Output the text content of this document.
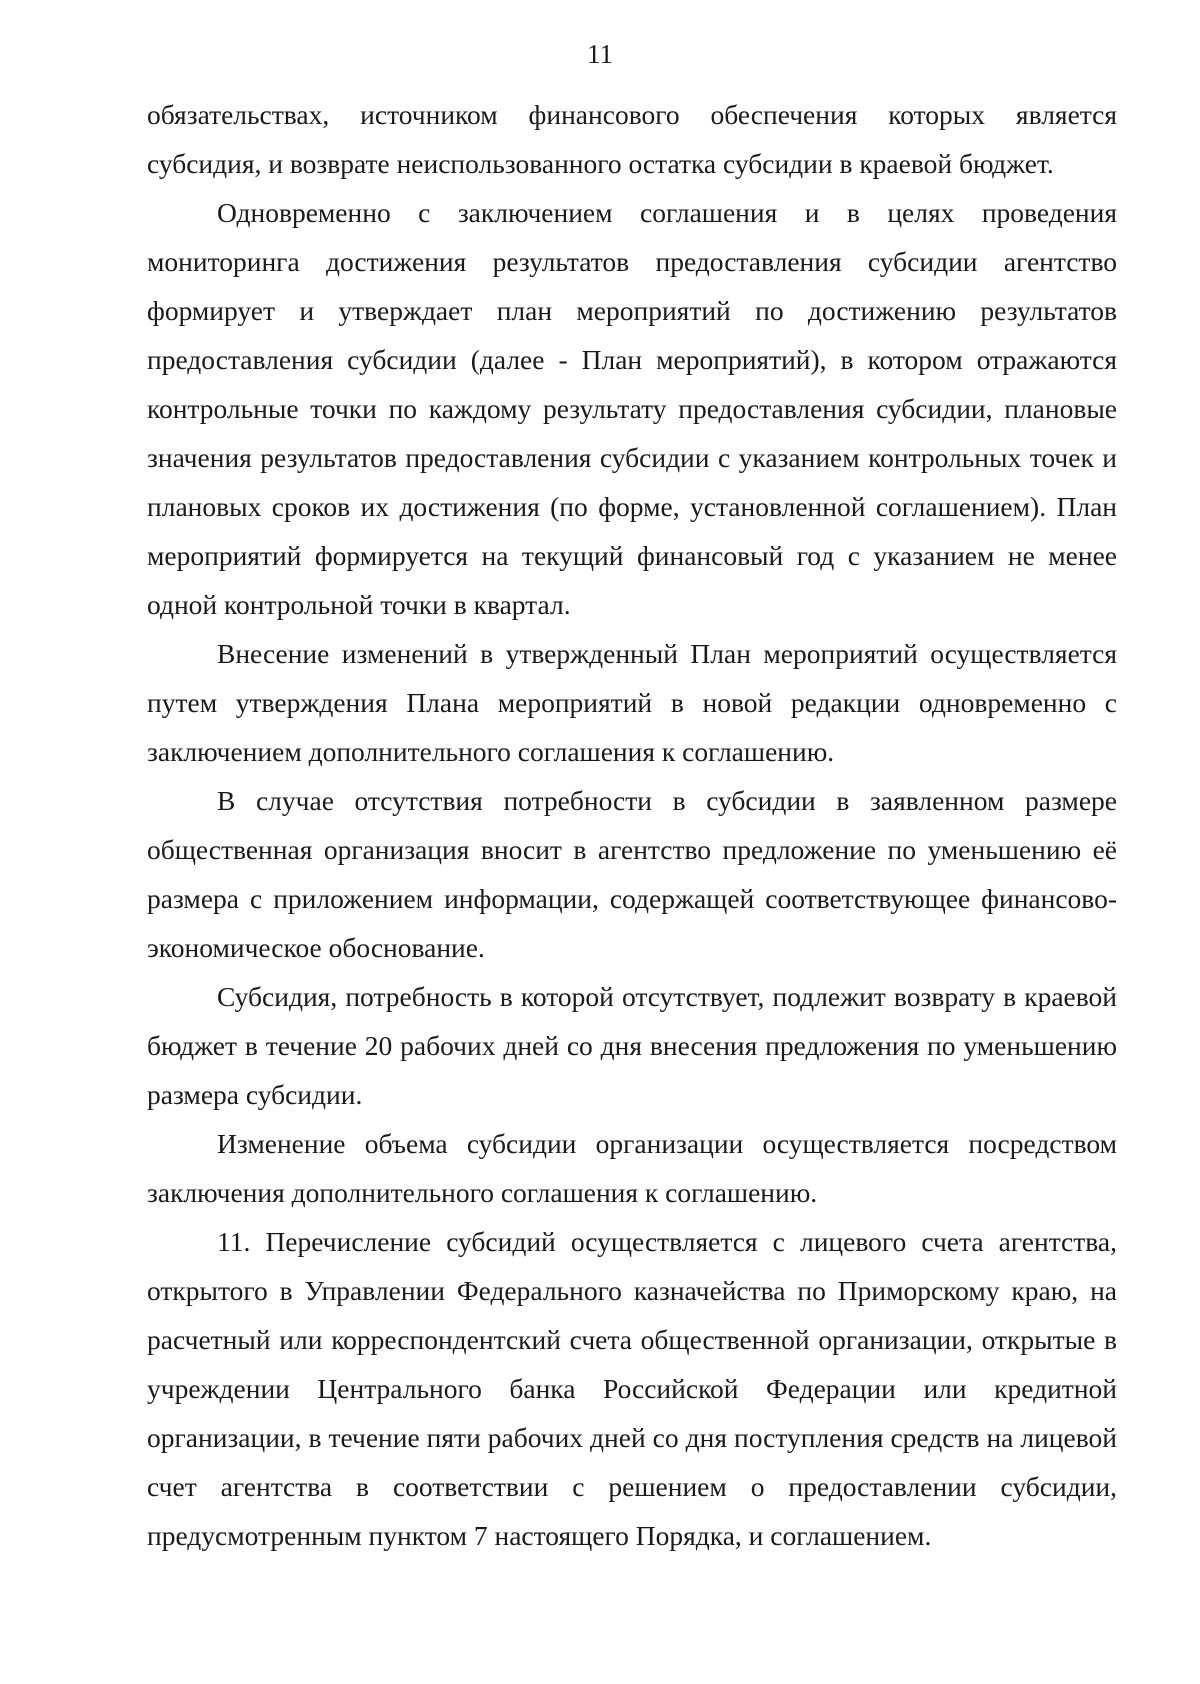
11

обязательствах, источником финансового обеспечения которых является субсидия, и возврате неиспользованного остатка субсидии в краевой бюджет.

Одновременно с заключением соглашения и в целях проведения мониторинга достижения результатов предоставления субсидии агентство формирует и утверждает план мероприятий по достижению результатов предоставления субсидии (далее - План мероприятий), в котором отражаются контрольные точки по каждому результату предоставления субсидии, плановые значения результатов предоставления субсидии с указанием контрольных точек и плановых сроков их достижения (по форме, установленной соглашением). План мероприятий формируется на текущий финансовый год с указанием не менее одной контрольной точки в квартал.

Внесение изменений в утвержденный План мероприятий осуществляется путем утверждения Плана мероприятий в новой редакции одновременно с заключением дополнительного соглашения к соглашению.

В случае отсутствия потребности в субсидии в заявленном размере общественная организация вносит в агентство предложение по уменьшению её размера с приложением информации, содержащей соответствующее финансово-экономическое обоснование.

Субсидия, потребность в которой отсутствует, подлежит возврату в краевой бюджет в течение 20 рабочих дней со дня внесения предложения по уменьшению размера субсидии.

Изменение объема субсидии организации осуществляется посредством заключения дополнительного соглашения к соглашению.

11. Перечисление субсидий осуществляется с лицевого счета агентства, открытого в Управлении Федерального казначейства по Приморскому краю, на расчетный или корреспондентский счета общественной организации, открытые в учреждении Центрального банка Российской Федерации или кредитной организации, в течение пяти рабочих дней со дня поступления средств на лицевой счет агентства в соответствии с решением о предоставлении субсидии, предусмотренным пунктом 7 настоящего Порядка, и соглашением.
